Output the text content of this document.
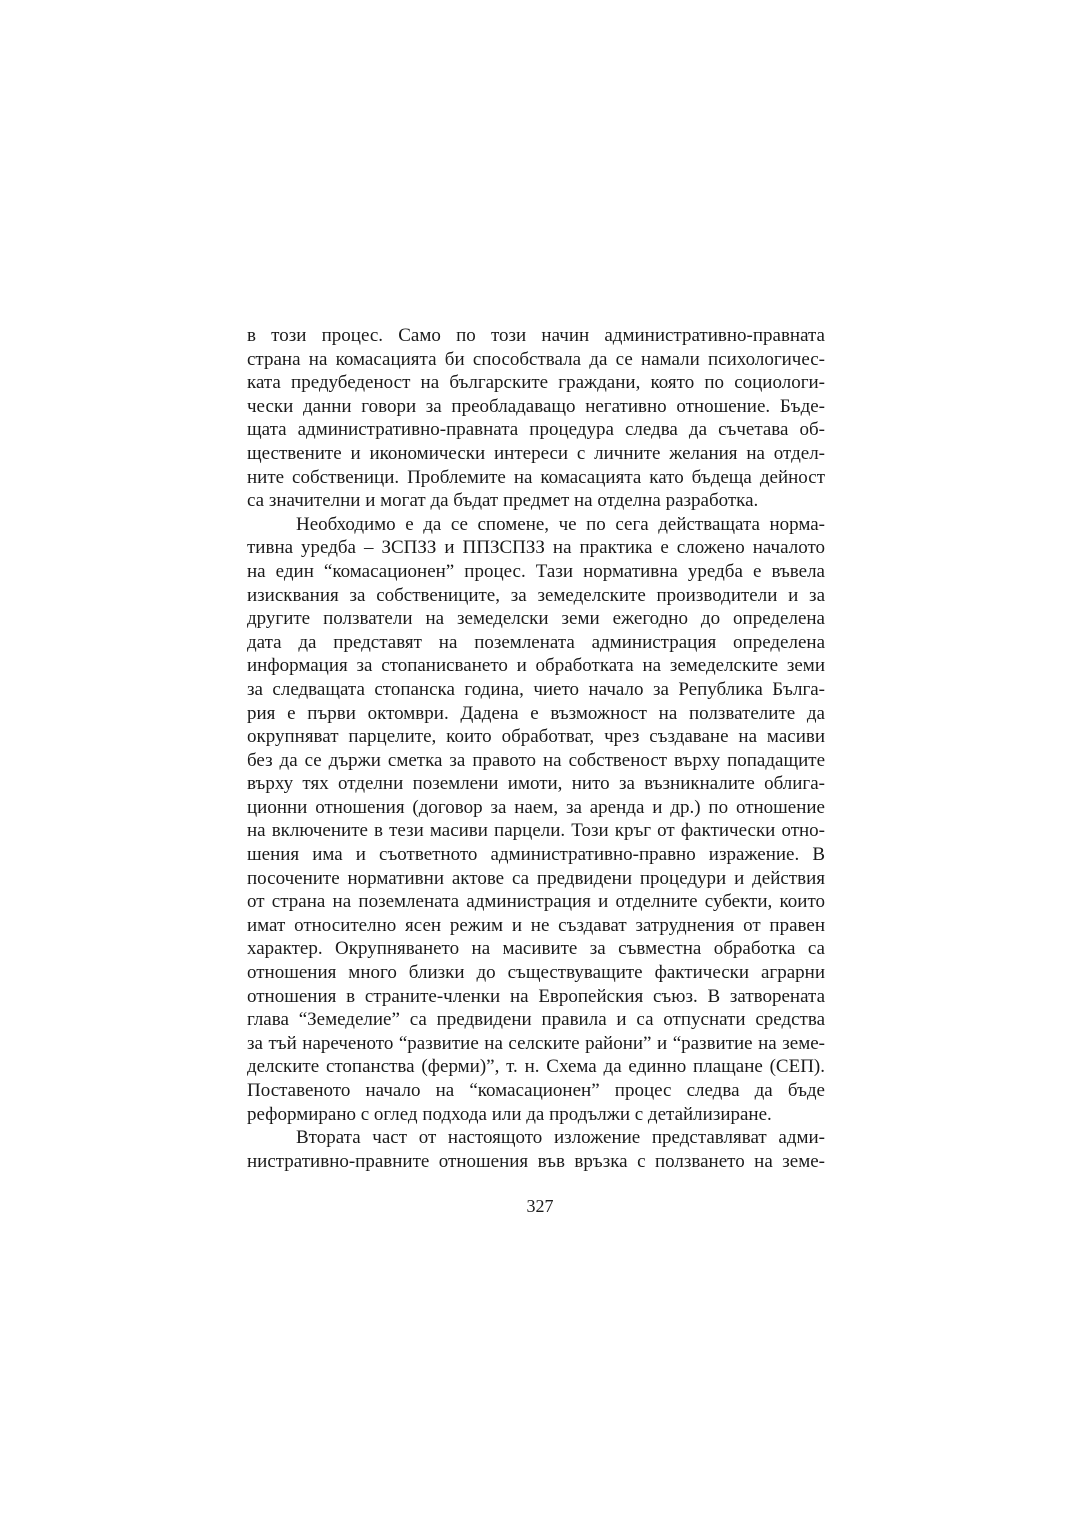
в този процес. Само по този начин административно-правната
страна на комасацията би способствала да се намали психологичес-
ката предубеденост на българските граждани, която по социологи-
чески данни говори за преобладаващо негативно отношение. Бъде-
щата административно-правната процедура следва да съчетава об-
ществените и икономически интереси с личните желания на отдел-
ните собственици. Проблемите на комасацията като бъдеща дейност
са значителни и могат да бъдат предмет на отделна разработка.
Необходимо е да се спомене, че по сега действащата норма-
тивна уредба – ЗСПЗЗ и ППЗСПЗЗ на практика е сложено началото
на един “комасационен” процес. Тази нормативна уредба е въвела
изисквания за собствениците, за земеделските производители и за
другите ползватели на земеделски земи ежегодно до определена
дата да представят на поземлената администрация определена
информация за стопанисването и обработката на земеделските земи
за следващата стопанска година, чието начало за Република Бълга-
рия е първи октомври. Дадена е възможност на ползвателите да
окрупняват парцелите, които обработват, чрез създаване на масиви
без да се държи сметка за правото на собственост върху попадащите
върху тях отделни поземлени имоти, нито за възникналите облига-
ционни отношения (договор за наем, за аренда и др.) по отношение
на включените в тези масиви парцели. Този кръг от фактически отно-
шения има и съответното административно-правно изражение. В
посочените нормативни актове са предвидени процедури и действия
от страна на поземлената администрация и отделните субекти, които
имат относително ясен режим и не създават затруднения от правен
характер. Окрупняването на масивите за съвместна обработка са
отношения много близки до съществуващите фактически аграрни
отношения в страните-членки на Европейския съюз. В затворената
глава “Земеделие” са предвидени правила и са отпуснати средства
за тъй нареченото “развитие на селските райони” и “развитие на земе-
делските стопанства (ферми)”, т. н. Схема да единно плащане (СЕП).
Поставеното начало на “комасационен” процес следва да бъде
реформирано с оглед подхода или да продължи с детайлизиране.
Втората част от настоящото изложение представляват адми-
нистративно-правните отношения във връзка с ползването на земе-
327
